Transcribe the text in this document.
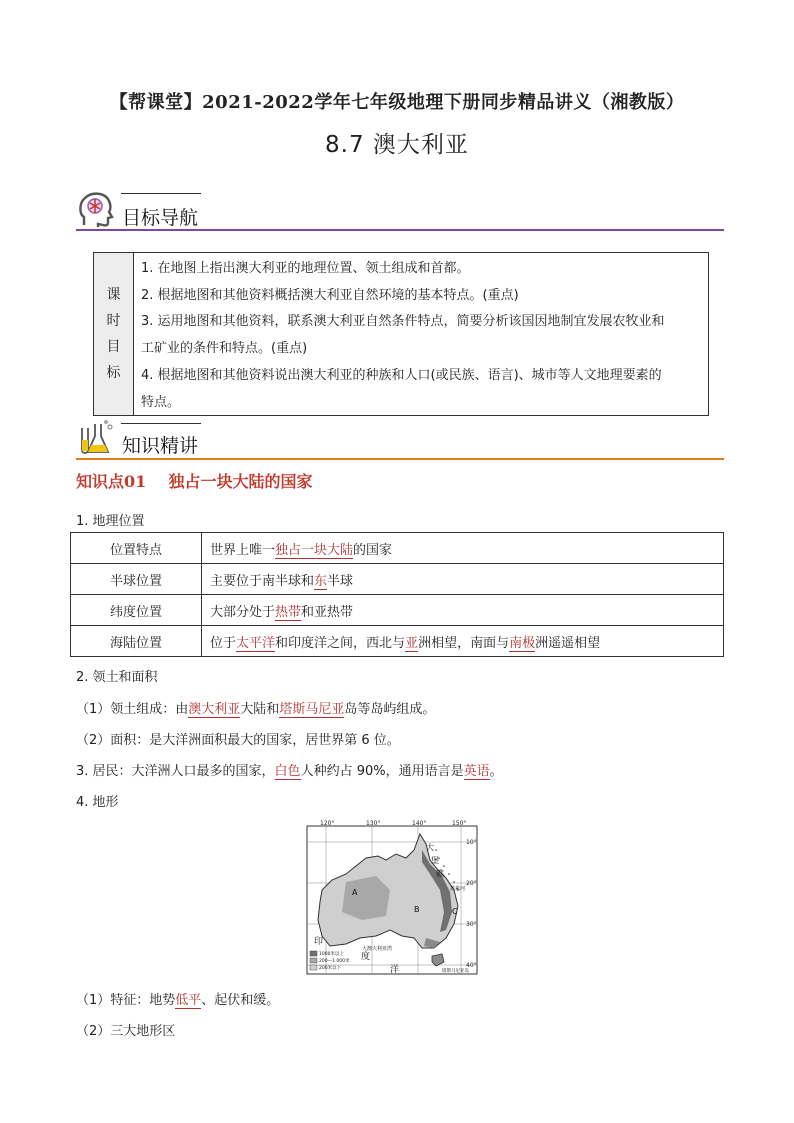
【帮课堂】2021-2022学年七年级地理下册同步精品讲义（湘教版）
8.7 澳大利亚
目标导航
课
时
目
标
1. 在地图上指出澳大利亚的地理位置、领土组成和首都。
2. 根据地图和其他资料概括澳大利亚自然环境的基本特点。(重点)
3. 运用地图和其他资料，联系澳大利亚自然条件特点，简要分析该国因地制宜发展农牧业和
工矿业的条件和特点。(重点)
4. 根据地图和其他资料说出澳大利亚的种族和人口(或民族、语言)、城市等人文地理要素的
特点。
知识精讲
知识点01    独占一块大陆的国家
1. 地理位置
位置特点	世界上唯一独占一块大陆的国家
半球位置	主要位于南半球和东半球
纬度位置	大部分处于热带和亚热带
海陆位置	位于太平洋和印度洋之间，西北与亚洲相望，南面与南极洲遥遥相望
2. 领土和面积
（1）领土组成：由澳大利亚大陆和塔斯马尼亚岛等岛屿组成。
（2）面积：是大洋洲面积最大的国家，居世界第 6 位。
3. 居民：大洋洲人口最多的国家，白色人种约占 90%，通用语言是英语。
4. 地形
120°	130°	140°	150°
10°
20°
30°
40°
A
B	C
大
堡
礁
墨累河
印
度
洋
大澳大利亚湾
塔斯马尼亚岛
1000米以上
200—1 000米
200米以下
（1）特征：地势低平、起伏和缓。
（2）三大地形区
